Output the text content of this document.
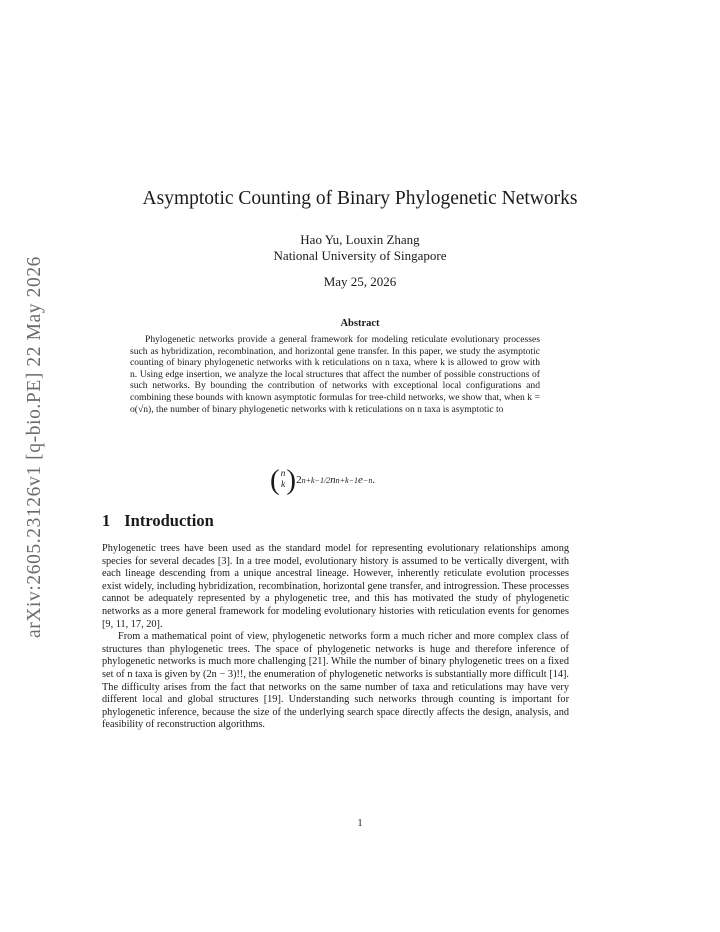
arXiv:2605.23126v1 [q-bio.PE] 22 May 2026
Asymptotic Counting of Binary Phylogenetic Networks
Hao Yu, Louxin Zhang
National University of Singapore
May 25, 2026
Abstract
Phylogenetic networks provide a general framework for modeling reticulate evolutionary processes such as hybridization, recombination, and horizontal gene transfer. In this paper, we study the asymptotic counting of binary phylogenetic networks with k reticulations on n taxa, where k is allowed to grow with n. Using edge insertion, we analyze the local structures that affect the number of possible constructions of such networks. By bounding the contribution of networks with exceptional local configurations and combining these bounds with known asymptotic formulas for tree-child networks, we show that, when k = o(√n), the number of binary phylogenetic networks with k reticulations on n taxa is asymptotic to
( n
k ) 2 n+k−1/2 n n+k−1 e −n .
1 Introduction

Phylogenetic trees have been used as the standard model for representing evolutionary relationships among species for several decades [3]. In a tree model, evolutionary history is assumed to be vertically divergent, with each lineage descending from a unique ancestral lineage. However, inherently reticulate evolution processes exist widely, including hybridization, recombination, horizontal gene transfer, and introgression. These processes cannot be adequately represented by a phylogenetic tree, and this has motivated the study of phylogenetic networks as a more general framework for modeling evolutionary histories with reticulation events for genomes [9, 11, 17, 20].

From a mathematical point of view, phylogenetic networks form a much richer and more complex class of structures than phylogenetic trees. The space of phylogenetic networks is huge and therefore inference of phylogenetic networks is much more challenging [21]. While the number of binary phylogenetic trees on a fixed set of n taxa is given by (2n − 3)!!, the enumeration of phylogenetic networks is substantially more difficult [14]. The difficulty arises from the fact that networks on the same number of taxa and reticulations may have very different local and global structures [19]. Understanding such networks through counting is important for phylogenetic inference, because the size of the underlying search space directly affects the design, analysis, and feasibility of reconstruction algorithms.

1
